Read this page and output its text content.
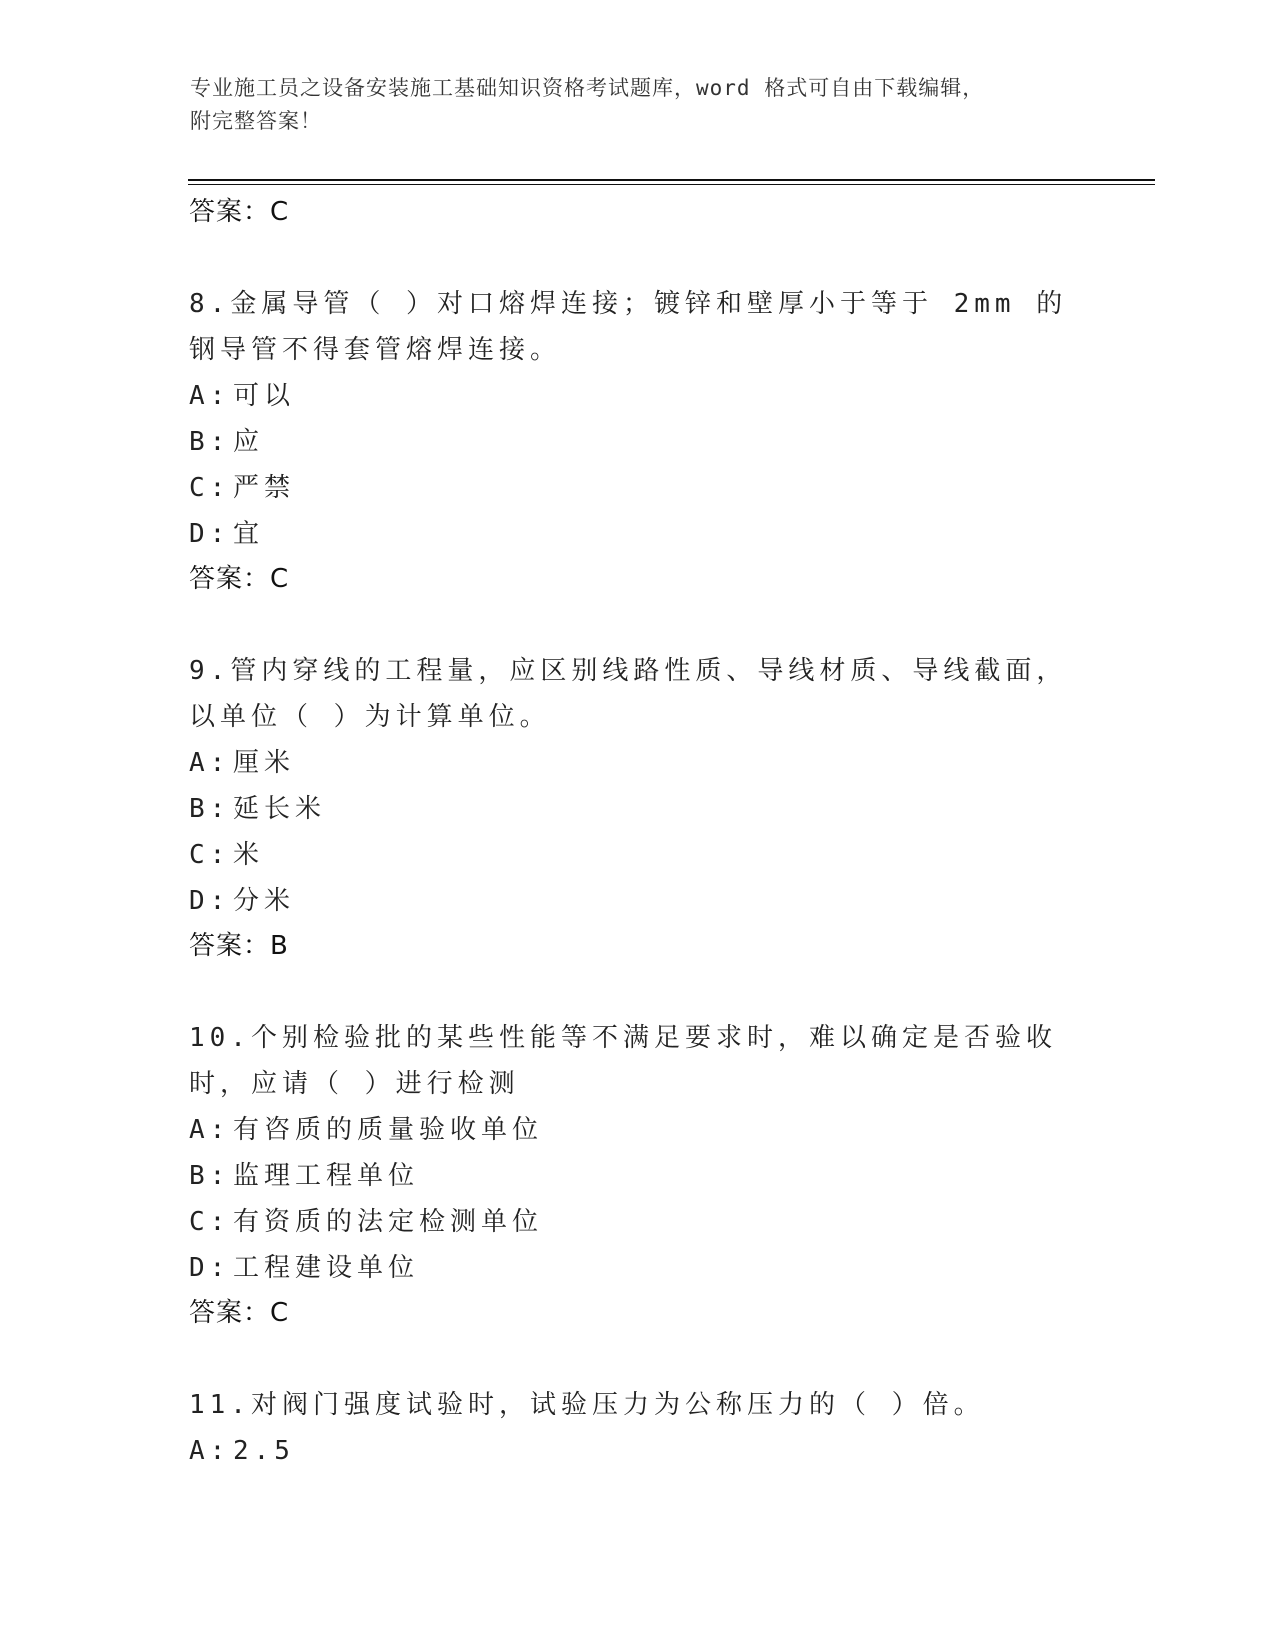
专业施工员之设备安装施工基础知识资格考试题库，word 格式可自由下载编辑，
附完整答案！
答案：C
8.金属导管（ ）对口熔焊连接；镀锌和壁厚小于等于 2mm 的钢导管不得套管熔焊连接。
A: 可以
B: 应
C: 严禁
D: 宜
答案：C
9.管内穿线的工程量，应区别线路性质、导线材质、导线截面，以单位（ ）为计算单位。
A: 厘米
B: 延长米
C: 米
D: 分米
答案：B
10.个别检验批的某些性能等不满足要求时，难以确定是否验收时，应请（ ）进行检测
A: 有咨质的质量验收单位
B: 监理工程单位
C: 有资质的法定检测单位
D: 工程建设单位
答案：C
11.对阀门强度试验时，试验压力为公称压力的（ ）倍。
A: 2.5
